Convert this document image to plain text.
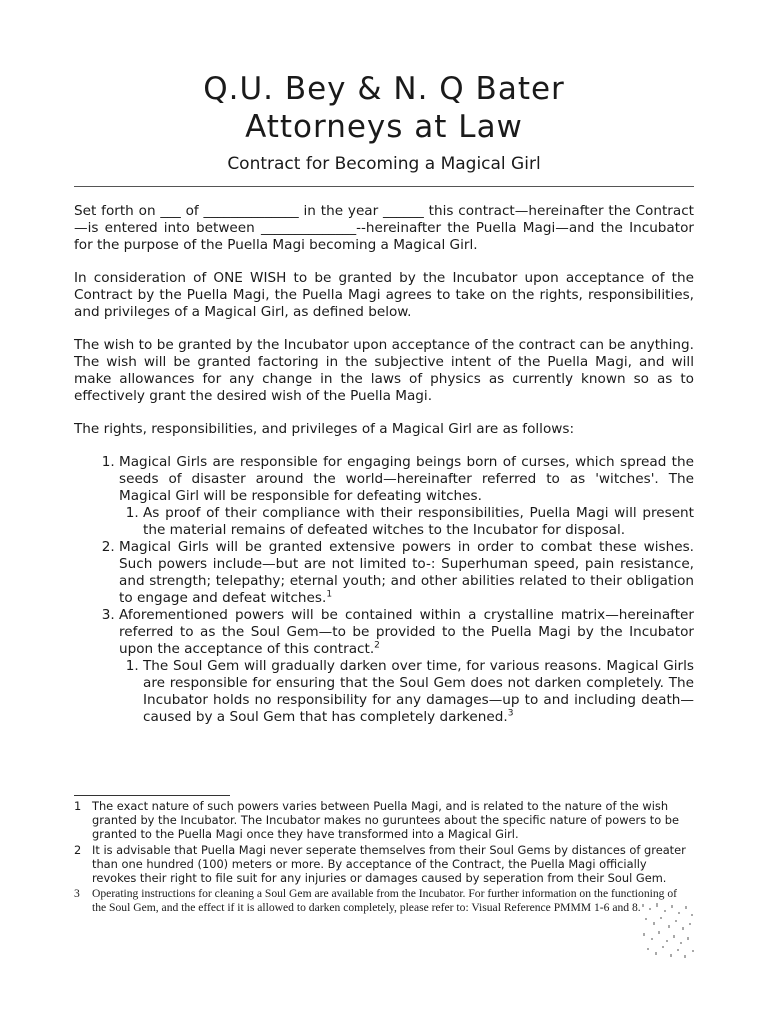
Q.U. Bey & N. Q Bater
Attorneys at Law
Contract for Becoming a Magical Girl

Set forth on ___ of ______________ in the year ______ this contract—hereinafter the Contract—is entered into between ______________--hereinafter the Puella Magi—and the Incubator for the purpose of the Puella Magi becoming a Magical Girl.

In consideration of ONE WISH to be granted by the Incubator upon acceptance of the Contract by the Puella Magi, the Puella Magi agrees to take on the rights, responsibilities, and privileges of a Magical Girl, as defined below.

The wish to be granted by the Incubator upon acceptance of the contract can be anything. The wish will be granted factoring in the subjective intent of the Puella Magi, and will make allowances for any change in the laws of physics as currently known so as to effectively grant the desired wish of the Puella Magi.

The rights, responsibilities, and privileges of a Magical Girl are as follows:

1. Magical Girls are responsible for engaging beings born of curses, which spread the seeds of disaster around the world—hereinafter referred to as 'witches'. The Magical Girl will be responsible for defeating witches.
1. As proof of their compliance with their responsibilities, Puella Magi will present the material remains of defeated witches to the Incubator for disposal.
2. Magical Girls will be granted extensive powers in order to combat these wishes. Such powers include—but are not limited to-: Superhuman speed, pain resistance, and strength; telepathy; eternal youth; and other abilities related to their obligation to engage and defeat witches.$^1$
3. Aforementioned powers will be contained within a crystalline matrix—hereinafter referred to as the Soul Gem—to be provided to the Puella Magi by the Incubator upon the acceptance of this contract.$^2$
1. The Soul Gem will gradually darken over time, for various reasons. Magical Girls are responsible for ensuring that the Soul Gem does not darken completely. The Incubator holds no responsibility for any damages—up to and including death—caused by a Soul Gem that has completely darkened.$^3$
1 The exact nature of such powers varies between Puella Magi, and is related to the nature of the wish granted by the Incubator. The Incubator makes no guruntees about the specific nature of powers to be granted to the Puella Magi once they have transformed into a Magical Girl.
2 It is advisable that Puella Magi never seperate themselves from their Soul Gems by distances of greater than one hundred (100) meters or more. By acceptance of the Contract, the Puella Magi officially revokes their right to file suit for any injuries or damages caused by seperation from their Soul Gem.
3	Operating instructions for cleaning a Soul Gem are available from the Incubator. For further information on the functioning of the Soul Gem, and the effect if it is allowed to darken completely, please refer to: Visual Reference PMMM 1-6 and 8.
